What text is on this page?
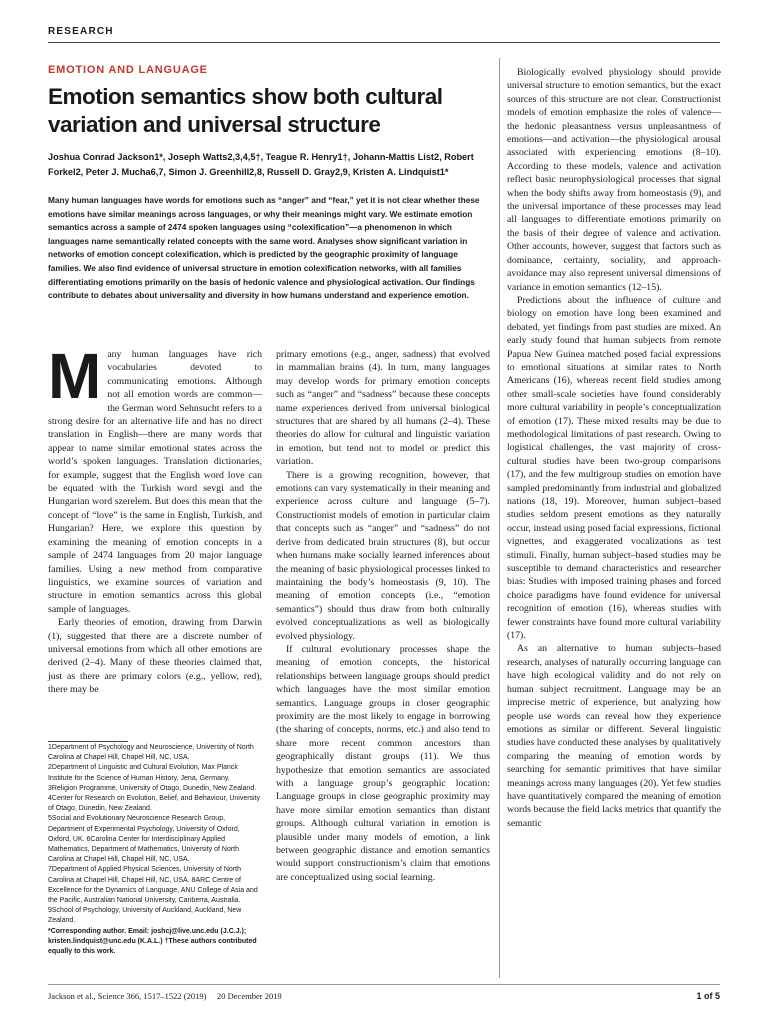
RESEARCH
EMOTION AND LANGUAGE
Emotion semantics show both cultural variation and universal structure

Joshua Conrad Jackson1*, Joseph Watts2,3,4,5†, Teague R. Henry1†, Johann-Mattis List2, Robert Forkel2, Peter J. Mucha6,7, Simon J. Greenhill2,8, Russell D. Gray2,9, Kristen A. Lindquist1*

Many human languages have words for emotions such as “anger” and “fear,” yet it is not clear whether these emotions have similar meanings across languages, or why their meanings might vary. We estimate emotion semantics across a sample of 2474 spoken languages using “colexification”—a phenomenon in which languages name semantically related concepts with the same word. Analyses show significant variation in networks of emotion concept colexification, which is predicted by the geographic proximity of language families. We also find evidence of universal structure in emotion colexification networks, with all families differentiating emotions primarily on the basis of hedonic valence and physiological activation. Our findings contribute to debates about universality and diversity in how humans understand and experience emotion.

M any human languages have rich vocabularies devoted to communicating emotions. Although not all emotion words are common—the German word Sehnsucht refers to a strong desire for an alternative life and has no direct translation in English—there are many words that appear to name similar emotional states across the world’s spoken languages. Translation dictionaries, for example, suggest that the English word love can be equated with the Turkish word sevgi and the Hungarian word szerelem. But does this mean that the concept of “love” is the same in English, Turkish, and Hungarian? Here, we explore this question by examining the meaning of emotion concepts in a sample of 2474 languages from 20 major language families. Using a new method from comparative linguistics, we examine sources of variation and structure in emotion semantics across this global sample of languages.

Early theories of emotion, drawing from Darwin (1), suggested that there are a discrete number of universal emotions from which all other emotions are derived (2–4). Many of these theories claimed that, just as there are primary colors (e.g., yellow, red), there may be

1Department of Psychology and Neuroscience, University of North Carolina at Chapel Hill, Chapel Hill, NC, USA.

2Department of Linguistic and Cultural Evolution, Max Planck Institute for the Science of Human History, Jena, Germany.

3Religion Programme, University of Otago, Dunedin, New Zealand. 4Center for Research on Evolution, Belief, and Behaviour, University of Otago, Dunedin, New Zealand.

5Social and Evolutionary Neuroscience Research Group, Department of Experimental Psychology, University of Oxford, Oxford, UK. 6Carolina Center for Interdisciplinary Applied Mathematics, Department of Mathematics, University of North Carolina at Chapel Hill, Chapel Hill, NC, USA.

7Department of Applied Physical Sciences, University of North Carolina at Chapel Hill, Chapel Hill, NC, USA. 8ARC Centre of Excellence for the Dynamics of Language, ANU College of Asia and the Pacific, Australian National University, Canberra, Australia. 9School of Psychology, University of Auckland, Auckland, New Zealand.

*Corresponding author. Email: joshcj@live.unc.edu (J.C.J.); kristen.lindquist@unc.edu (K.A.L.) †These authors contributed equally to this work.

primary emotions (e.g., anger, sadness) that evolved in mammalian brains (4). In turn, many languages may develop words for primary emotion concepts such as “anger” and “sadness” because these concepts name experiences derived from universal biological structures that are shared by all humans (2–4). These theories do allow for cultural and linguistic variation in emotion, but tend not to model or predict this variation.

There is a growing recognition, however, that emotions can vary systematically in their meaning and experience across culture and language (5–7). Constructionist models of emotion in particular claim that concepts such as “anger” and “sadness” do not derive from dedicated brain structures (8), but occur when humans make socially learned inferences about the meaning of basic physiological processes linked to maintaining the body’s homeostasis (9, 10). The meaning of emotion concepts (i.e., “emotion semantics”) should thus draw from both culturally evolved conceptualizations as well as biologically evolved physiology.

If cultural evolutionary processes shape the meaning of emotion concepts, the historical relationships between language groups should predict which languages have the most similar emotion semantics. Language groups in closer geographic proximity are the most likely to engage in borrowing (the sharing of concepts, norms, etc.) and also tend to share more recent common ancestors than geographically distant groups (11). We thus hypothesize that emotion semantics are associated with a language group’s geographic location: Language groups in close geographic proximity may have more similar emotion semantics than distant groups. Although cultural variation in emotion is plausible under many models of emotion, a link between geographic distance and emotion semantics would support constructionism’s claim that emotions are conceptualized using social learning.

Biologically evolved physiology should provide universal structure to emotion semantics, but the exact sources of this structure are not clear. Constructionist models of emotion emphasize the roles of valence—the hedonic pleasantness versus unpleasantness of emotions—and activation—the physiological arousal associated with experiencing emotions (8–10). According to these models, valence and activation reflect basic neurophysiological processes that signal when the body shifts away from homeostasis (9), and the universal importance of these processes may lead all languages to differentiate emotions primarily on the basis of their degree of valence and activation. Other accounts, however, suggest that factors such as dominance, certainty, sociality, and approach-avoidance may also represent universal dimensions of variance in emotion semantics (12–15).

Predictions about the influence of culture and biology on emotion have long been examined and debated, yet findings from past studies are mixed. An early study found that human subjects from remote Papua New Guinea matched posed facial expressions to emotional situations at similar rates to North Americans (16), whereas recent field studies among other small-scale societies have found considerably more cultural variability in people’s conceptualization of emotion (17). These mixed results may be due to methodological limitations of past research. Owing to logistical challenges, the vast majority of cross-cultural studies have been two-group comparisons (17), and the few multigroup studies on emotion have sampled predominantly from industrial and globalized nations (18, 19). Moreover, human subject–based studies seldom present emotions as they naturally occur, instead using posed facial expressions, fictional vignettes, and exaggerated vocalizations as test stimuli. Finally, human subject–based studies may be susceptible to demand characteristics and researcher bias: Studies with imposed training phases and forced choice paradigms have found evidence for universal recognition of emotion (16), whereas studies with fewer constraints have found more cultural variability (17).

As an alternative to human subjects–based research, analyses of naturally occurring language can have high ecological validity and do not rely on human subject recruitment. Language may be an imprecise metric of experience, but analyzing how people use words can reveal how they experience emotions as similar or different. Several linguistic studies have conducted these analyses by qualitatively comparing the meaning of emotion words by searching for semantic primitives that have similar meanings across many languages (20). Yet few studies have quantitatively compared the meaning of emotion words because the field lacks metrics that quantify the semantic

Jackson et al., Science 366, 1517–1522 (2019)     20 December 2019	1 of 5
